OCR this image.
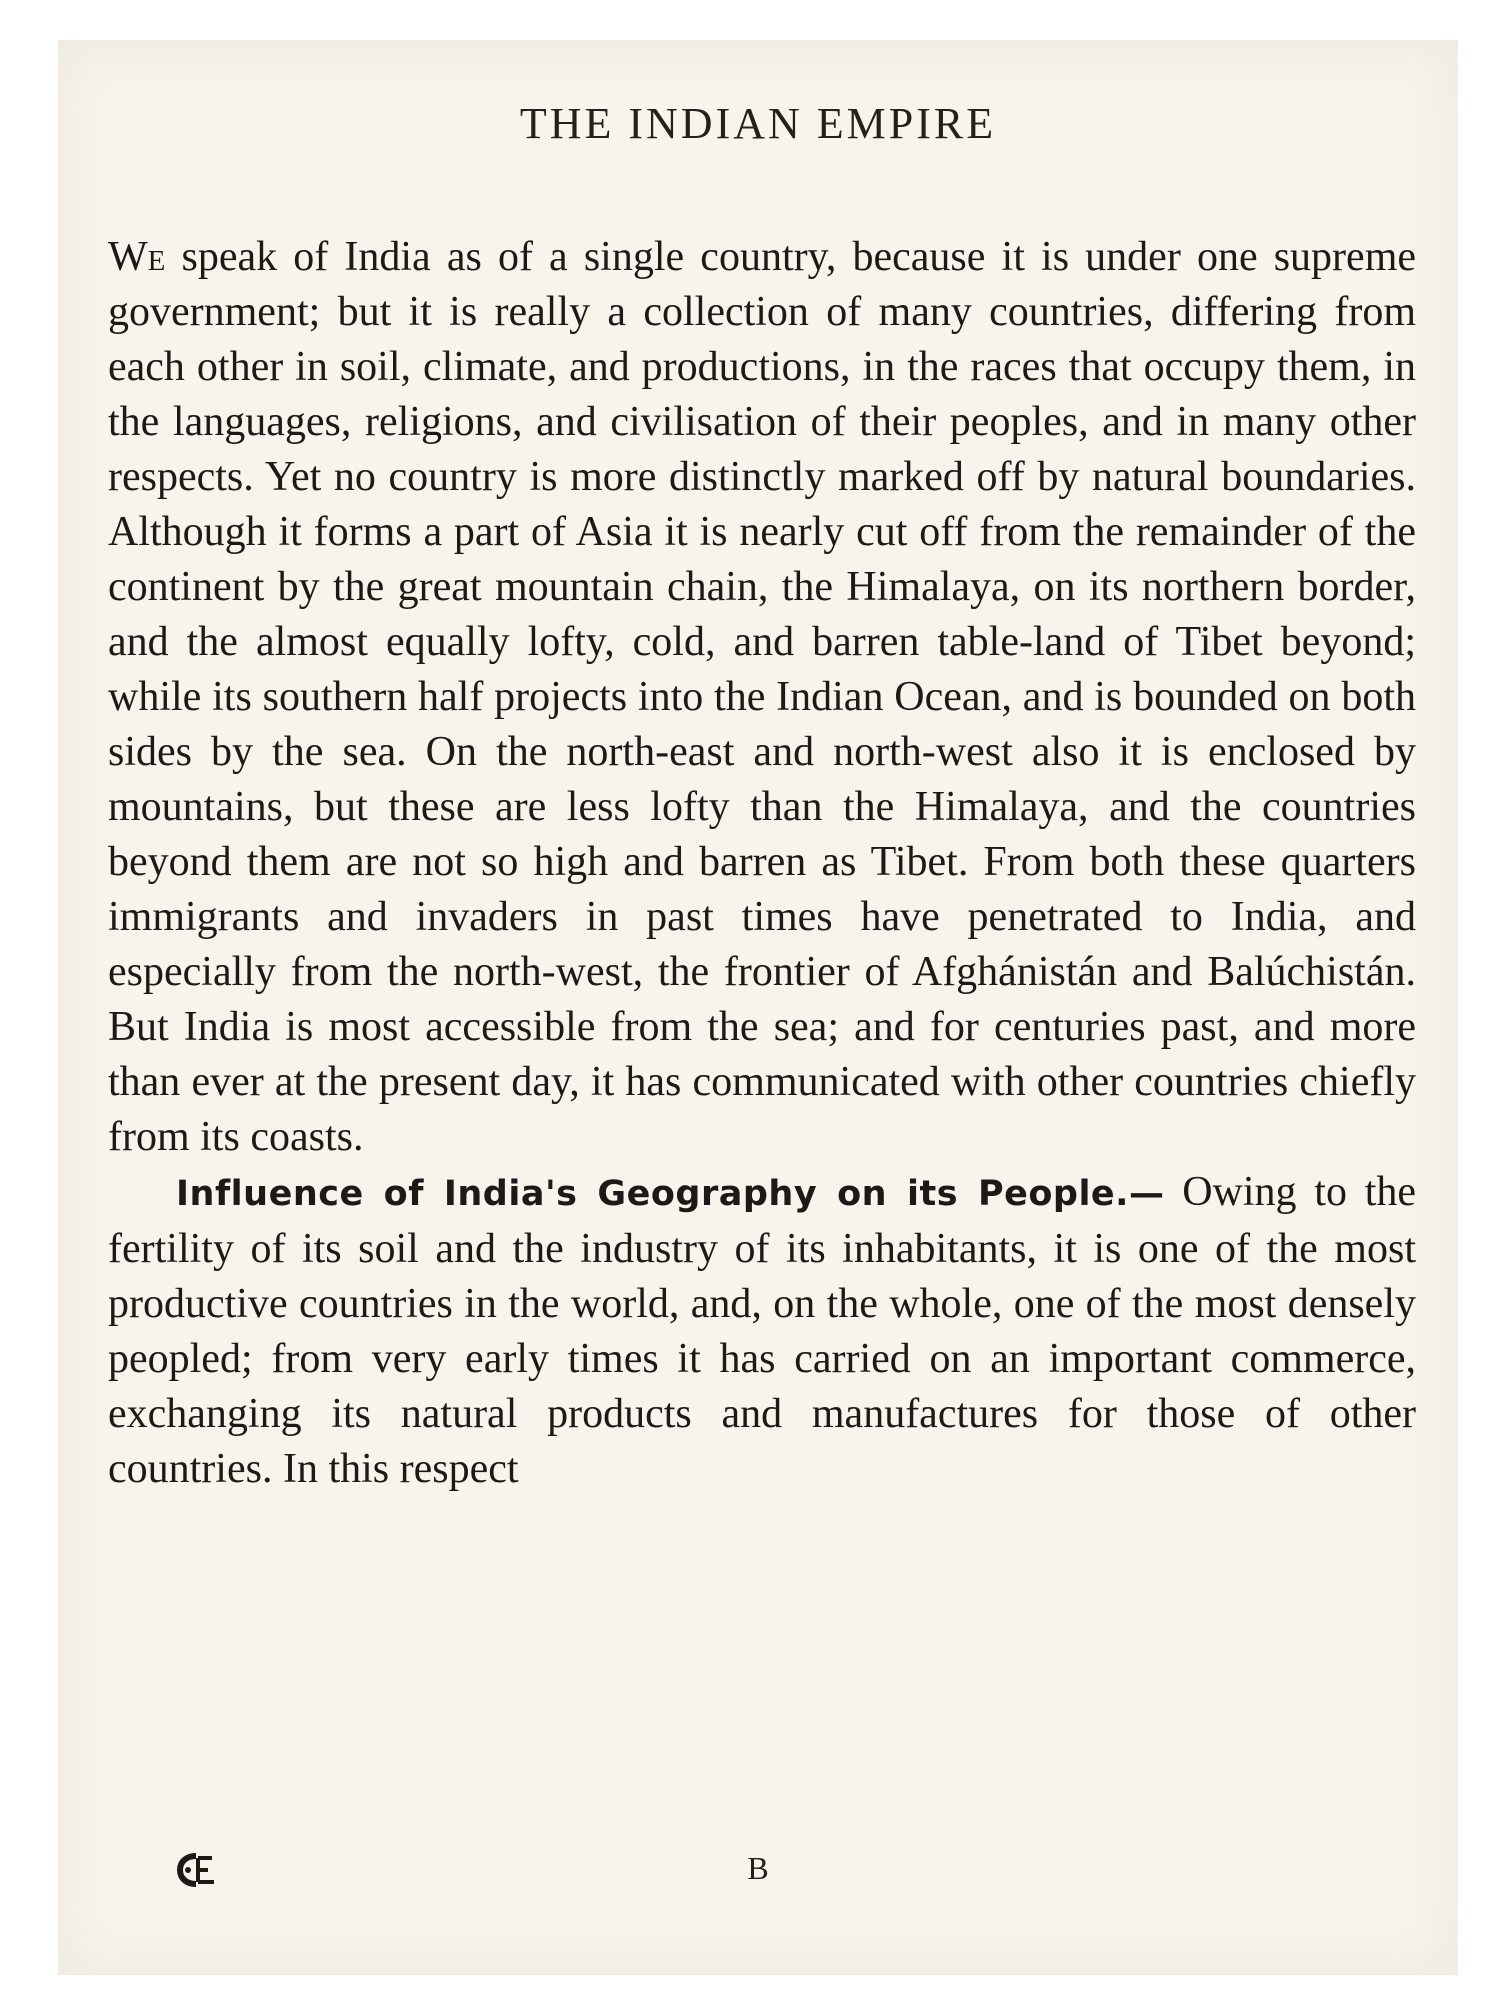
THE INDIAN EMPIRE

We speak of India as of a single country, because it is under one supreme government; but it is really a collection of many countries, differing from each other in soil, climate, and productions, in the races that occupy them, in the languages, religions, and civilisation of their peoples, and in many other respects. Yet no country is more distinctly marked off by natural boundaries. Although it forms a part of Asia it is nearly cut off from the remainder of the continent by the great mountain chain, the Himalaya, on its northern border, and the almost equally lofty, cold, and barren table-land of Tibet beyond; while its southern half projects into the Indian Ocean, and is bounded on both sides by the sea. On the north-east and north-west also it is enclosed by mountains, but these are less lofty than the Himalaya, and the countries beyond them are not so high and barren as Tibet. From both these quarters immigrants and invaders in past times have penetrated to India, and especially from the north-west, the frontier of Afghánistán and Balúchistán. But India is most accessible from the sea; and for centuries past, and more than ever at the present day, it has communicated with other countries chiefly from its coasts.

Influence of India's Geography on its People.— Owing to the fertility of its soil and the industry of its inhabitants, it is one of the most productive countries in the world, and, on the whole, one of the most densely peopled; from very early times it has carried on an important commerce, exchanging its natural products and manufactures for those of other countries. In this respect

B
